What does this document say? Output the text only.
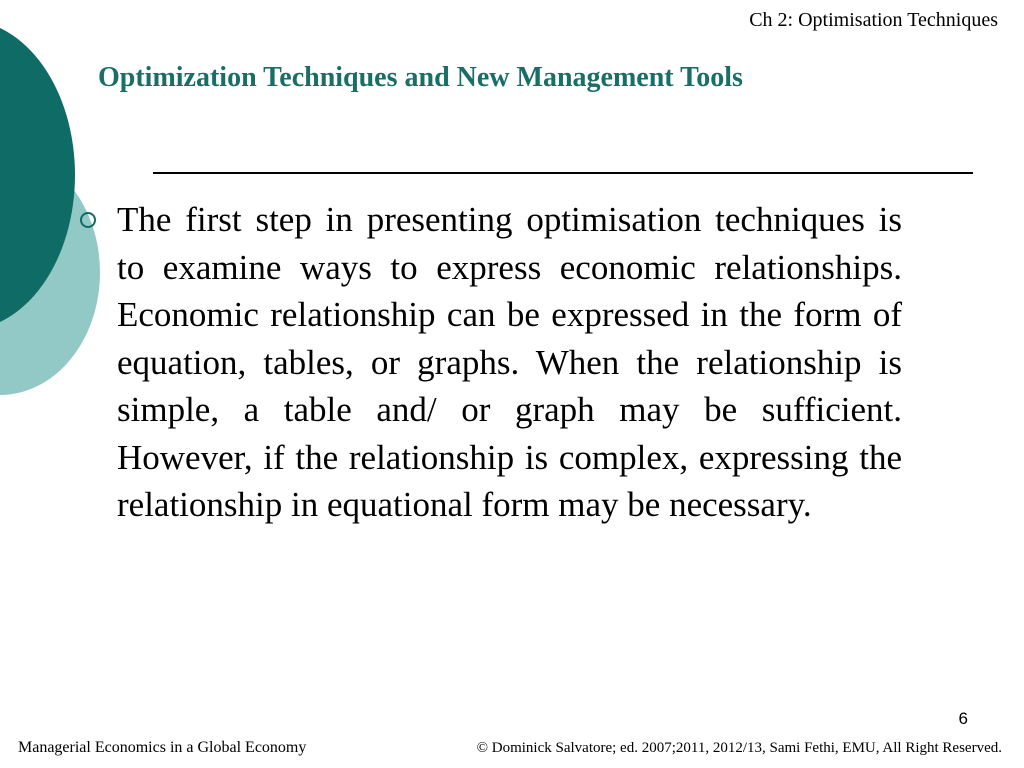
Ch 2: Optimisation Techniques
Optimization Techniques and New Management Tools

The first step in presenting optimisation techniques is to examine ways to express economic relationships. Economic relationship can be expressed in the form of equation, tables, or graphs. When the relationship is simple, a table and/ or graph may be sufficient. However, if the relationship is complex, expressing the relationship in equational form may be necessary.

6
Managerial Economics in a Global Economy	© Dominick Salvatore; ed. 2007;2011, 2012/13, Sami Fethi, EMU, All Right Reserved.
